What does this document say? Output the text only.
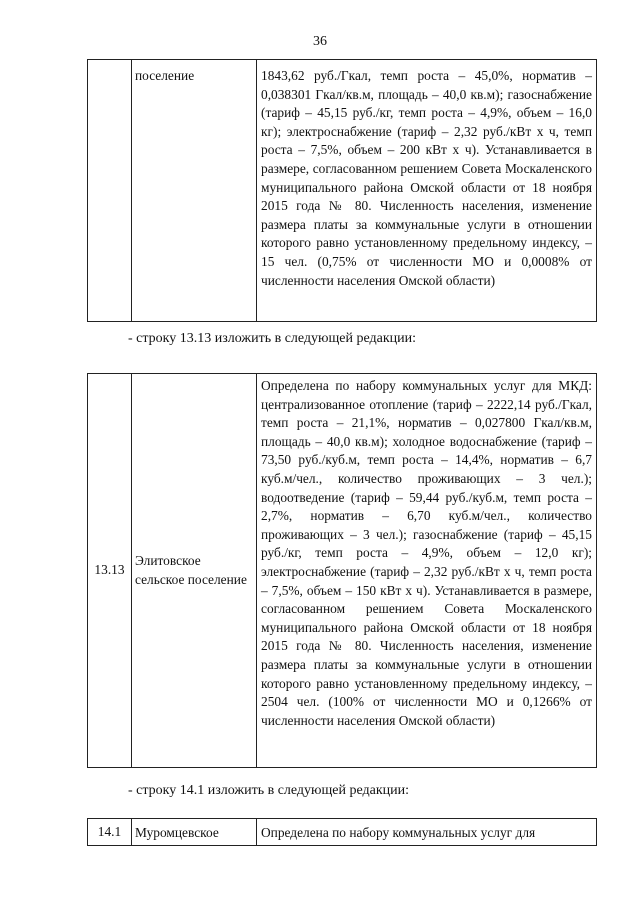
36
	поселение	1843,62 руб./Гкал, темп роста – 45,0%, норматив – 0,038301 Гкал/кв.м, площадь – 40,0 кв.м); газоснабжение (тариф – 45,15 руб./кг, темп роста – 4,9%, объем – 16,0 кг); электроснабжение (тариф – 2,32 руб./кВт х ч, темп роста – 7,5%, объем – 200 кВт х ч). Устанавливается в размере, согласованном решением Совета Москаленского муниципального района Омской области от 18 ноября 2015 года № 80. Численность населения, изменение размера платы за коммунальные услуги в отношении которого равно установленному предельному индексу, – 15 чел. (0,75% от численности МО и 0,0008% от численности населения Омской области)
- строку 13.13 изложить в следующей редакции:
13.13	Элитовское сельское поселение	Определена по набору коммунальных услуг для МКД: централизованное отопление (тариф – 2222,14 руб./Гкал, темп роста – 21,1%, норматив – 0,027800 Гкал/кв.м, площадь – 40,0 кв.м); холодное водоснабжение (тариф – 73,50 руб./куб.м, темп роста – 14,4%, норматив – 6,7 куб.м/чел., количество проживающих – 3 чел.); водоотведение (тариф – 59,44 руб./куб.м, темп роста – 2,7%, норматив – 6,70 куб.м/чел., количество проживающих – 3 чел.); газоснабжение (тариф – 45,15 руб./кг, темп роста – 4,9%, объем – 12,0 кг); электроснабжение (тариф – 2,32 руб./кВт х ч, темп роста – 7,5%, объем – 150 кВт х ч). Устанавливается в размере, согласованном решением Совета Москаленского муниципального района Омской области от 18 ноября 2015 года № 80. Численность населения, изменение размера платы за коммунальные услуги в отношении которого равно установленному предельному индексу, – 2504 чел. (100% от численности МО и 0,1266% от численности населения Омской области)
- строку 14.1 изложить в следующей редакции:
14.1	Муромцевское	Определена по набору коммунальных услуг для
